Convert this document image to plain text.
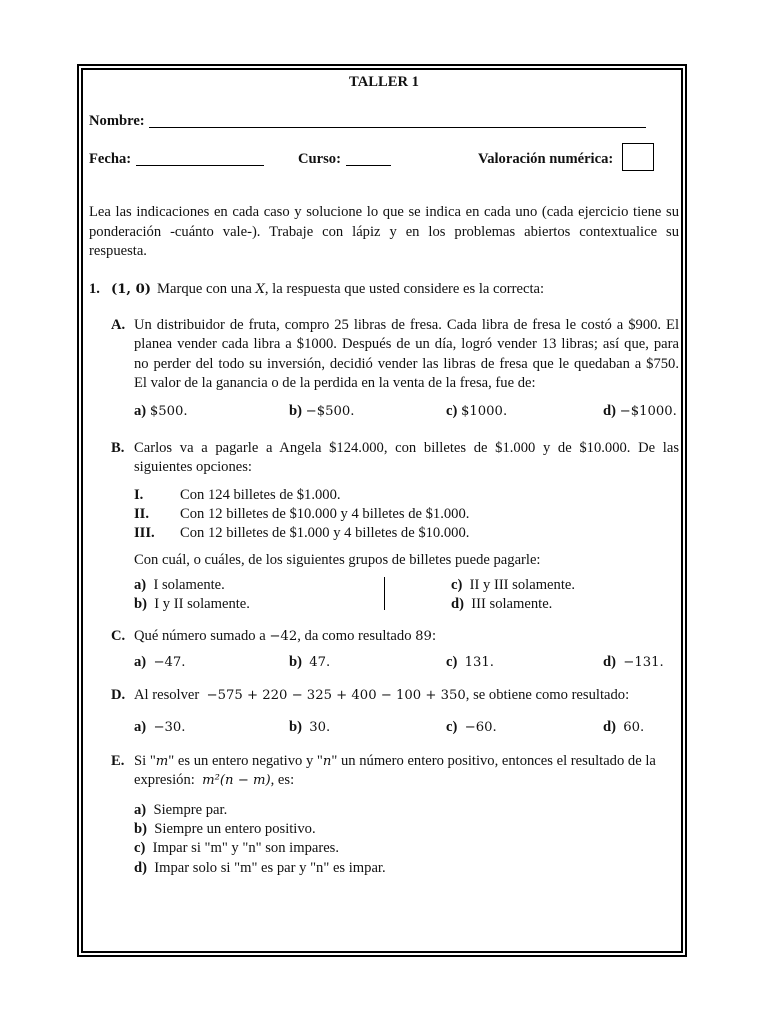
TALLER 1
Nombre:
Fecha:	Curso:	Valoración numérica:
Lea las indicaciones en cada caso y solucione lo que se indica en cada uno (cada ejercicio tiene su
ponderación -cuánto vale-). Trabaje con lápiz y en los problemas abiertos contextualice su
respuesta.
1. (1, 0) Marque con una X, la respuesta que usted considere es la correcta:
A. Un distribuidor de fruta, compro 25 libras de fresa. Cada libra de fresa le costó a $900. El
planea vender cada libra a $1000. Después de un día, logró vender 13 libras; así que, para
no perder del todo su inversión, decidió vender las libras de fresa que le quedaban a $750.
El valor de la ganancia o de la perdida en la venta de la fresa, fue de:
a) $500.	b) −$500.	c) $1000.	d) −$1000.
B. Carlos va a pagarle a Angela $124.000, con billetes de $1.000 y de $10.000. De las
siguientes opciones:
I.	Con 124 billetes de $1.000.
II. Con 12 billetes de $10.000 y 4 billetes de $1.000.
III. Con 12 billetes de $1.000 y 4 billetes de $10.000.
Con cuál, o cuáles, de los siguientes grupos de billetes puede pagarle:
a) I solamente.
b) I y II solamente.
c) II y III solamente.
d) III solamente.
C. Qué número sumado a −42, da como resultado 89:
a) −47.	b) 47.	c) 131.	d) −131.
D. Al resolver −575 + 220 − 325 + 400 − 100 + 350, se obtiene como resultado:
a) −30.	b) 30.	c) −60.	d) 60.
E. Si "m" es un entero negativo y "n" un número entero positivo, entonces el resultado de la
expresión: m²(n − m), es:
a) Siempre par.
b) Siempre un entero positivo.
c) Impar si "m" y "n" son impares.
d) Impar solo si "m" es par y "n" es impar.
